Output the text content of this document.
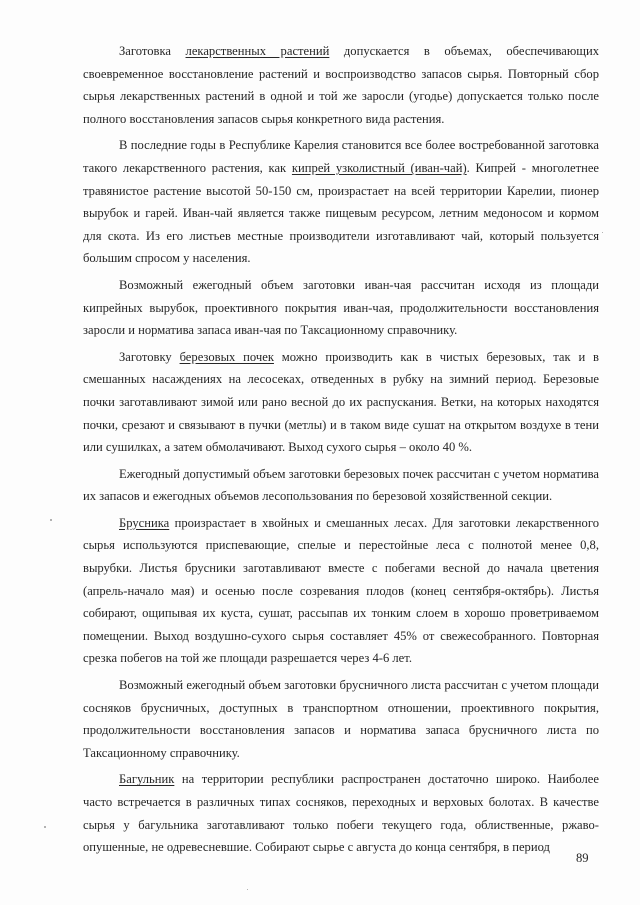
Заготовка лекарственных растений допускается в объемах, обеспечивающих своевременное восстановление растений и воспроизводство запасов сырья. Повторный сбор сырья лекарственных растений в одной и той же заросли (угодье) допускается только после полного восстановления запасов сырья конкретного вида растения.

В последние годы в Республике Карелия становится все более востребованной заготовка такого лекарственного растения, как кипрей узколистный (иван-чай). Кипрей - многолетнее травянистое растение высотой 50-150 см, произрастает на всей территории Карелии, пионер вырубок и гарей. Иван-чай является также пищевым ресурсом, летним медоносом и кормом для скота. Из его листьев местные производители изготавливают чай, который пользуется большим спросом у населения.

Возможный ежегодный объем заготовки иван-чая рассчитан исходя из площади кипрейных вырубок, проективного покрытия иван-чая, продолжительности восстановления заросли и норматива запаса иван-чая по Таксационному справочнику.

Заготовку березовых почек можно производить как в чистых березовых, так и в смешанных насаждениях на лесосеках, отведенных в рубку на зимний период. Березовые почки заготавливают зимой или рано весной до их распускания. Ветки, на которых находятся почки, срезают и связывают в пучки (метлы) и в таком виде сушат на открытом воздухе в тени или сушилках, а затем обмолачивают. Выход сухого сырья – около 40 %.

Ежегодный допустимый объем заготовки березовых почек рассчитан с учетом норматива их запасов и ежегодных объемов лесопользования по березовой хозяйственной секции.

Брусника произрастает в хвойных и смешанных лесах. Для заготовки лекарственного сырья используются приспевающие, спелые и перестойные леса с полнотой менее 0,8, вырубки. Листья брусники заготавливают вместе с побегами весной до начала цветения (апрель-начало мая) и осенью после созревания плодов (конец сентября-октябрь). Листья собирают, ощипывая их куста, сушат, рассыпав их тонким слоем в хорошо проветриваемом помещении. Выход воздушно-сухого сырья составляет 45% от свежесобранного. Повторная срезка побегов на той же площади разрешается через 4-6 лет.

Возможный ежегодный объем заготовки брусничного листа рассчитан с учетом площади сосняков брусничных, доступных в транспортном отношении, проективного покрытия, продолжительности восстановления запасов и норматива запаса брусничного листа по Таксационному справочнику.

Багульник на территории республики распространен достаточно широко. Наиболее часто встречается в различных типах сосняков, переходных и верховых болотах. В качестве сырья у багульника заготавливают только побеги текущего года, облиственные, ржаво-опушенные, не одревесневшие. Собирают сырье с августа до конца сентября, в период

89
